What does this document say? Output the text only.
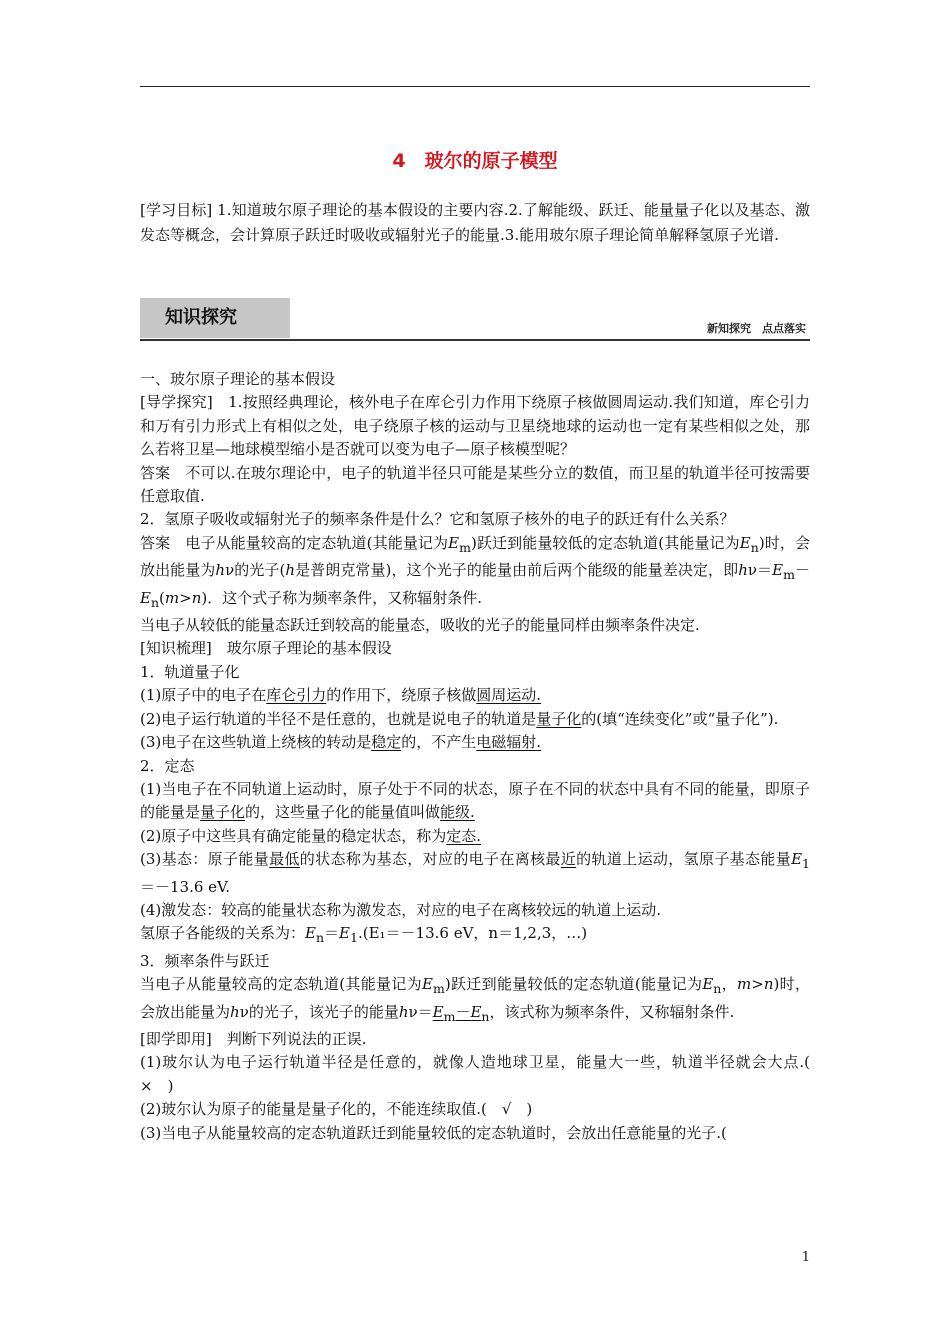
4　玻尔的原子模型
[学习目标] 1.知道玻尔原子理论的基本假设的主要内容.2.了解能级、跃迁、能量量子化以及基态、激发态等概念，会计算原子跃迁时吸收或辐射光子的能量.3.能用玻尔原子理论简单解释氢原子光谱.
知识探究
新知探究　点点落实

一、玻尔原子理论的基本假设

[导学探究]　1.按照经典理论，核外电子在库仑引力作用下绕原子核做圆周运动.我们知道，库仑引力和万有引力形式上有相似之处，电子绕原子核的运动与卫星绕地球的运动也一定有某些相似之处，那么若将卫星—地球模型缩小是否就可以变为电子—原子核模型呢？

答案　不可以.在玻尔理论中，电子的轨道半径只可能是某些分立的数值，而卫星的轨道半径可按需要任意取值.

2．氢原子吸收或辐射光子的频率条件是什么？它和氢原子核外的电子的跃迁有什么关系？

答案　电子从能量较高的定态轨道(其能量记为$E_m$)跃迁到能量较低的定态轨道(其能量记为$E_n$)时，会放出能量为hν的光子(h是普朗克常量)，这个光子的能量由前后两个能级的能量差决定，即$h\nu=E_m-E_n(m>n)$．这个式子称为频率条件，又称辐射条件.

当电子从较低的能量态跃迁到较高的能量态，吸收的光子的能量同样由频率条件决定.

[知识梳理]　玻尔原子理论的基本假设

1．轨道量子化

(1)原子中的电子在库仑引力的作用下，绕原子核做圆周运动.

(2)电子运行轨道的半径不是任意的，也就是说电子的轨道是量子化的(填“连续变化”或“量子化”).

(3)电子在这些轨道上绕核的转动是稳定的，不产生电磁辐射.

2．定态

(1)当电子在不同轨道上运动时，原子处于不同的状态，原子在不同的状态中具有不同的能量，即原子的能量是量子化的，这些量子化的能量值叫做能级.

(2)原子中这些具有确定能量的稳定状态，称为定态.

(3)基态：原子能量最低的状态称为基态，对应的电子在离核最近的轨道上运动，氢原子基态能量$E_1=-13.6$ eV.

(4)激发态：较高的能量状态称为激发态，对应的电子在离核较远的轨道上运动.

氢原子各能级的关系为：$E_n=E_1.(E_1=-13.6$ eV，n＝1,2,3，…)

3．频率条件与跃迁

当电子从能量较高的定态轨道(其能量记为$E_m$)跃迁到能量较低的定态轨道(能量记为$E_n$，m>n)时，会放出能量为hν的光子，该光子的能量$h\nu=E_m-E_n$，该式称为频率条件，又称辐射条件.

[即学即用]　判断下列说法的正误.

(1)玻尔认为电子运行轨道半径是任意的，就像人造地球卫星，能量大一些，轨道半径就会大点.(　×　)

(2)玻尔认为原子的能量是量子化的，不能连续取值.(　√　)

(3)当电子从能量较高的定态轨道跃迁到能量较低的定态轨道时，会放出任意能量的光子.(

1
